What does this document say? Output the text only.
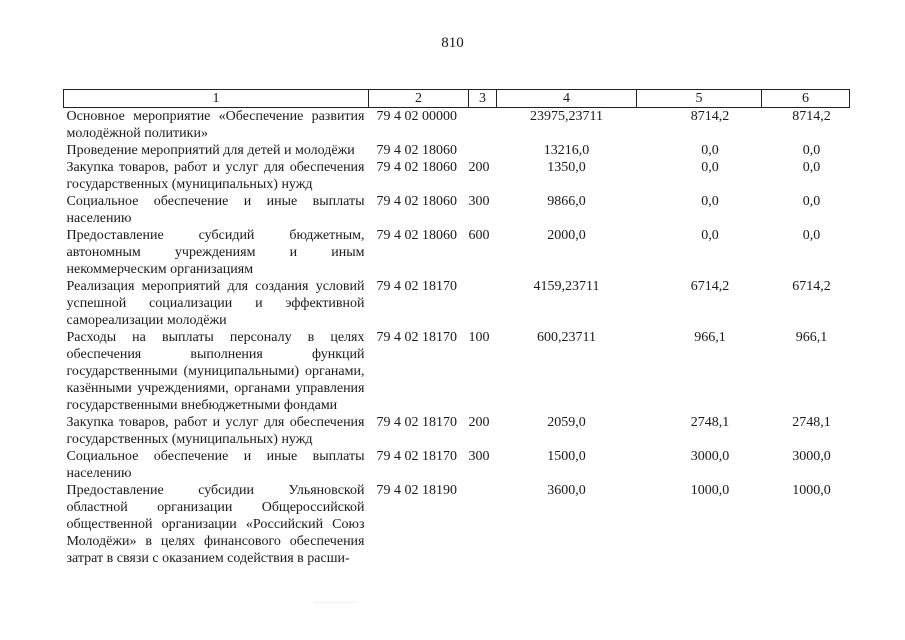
810
1	2	3	4	5	6
Основное мероприятие «Обеспечение развития молодёжной политики»	79 4 02 00000		23975,23711	8714,2	8714,2
Проведение мероприятий для детей и молодёжи	79 4 02 18060		13216,0	0,0	0,0
Закупка товаров, работ и услуг для обеспечения государственных (муниципальных) нужд	79 4 02 18060	200	1350,0	0,0	0,0
Социальное обеспечение и иные выплаты населению	79 4 02 18060	300	9866,0	0,0	0,0
Предоставление субсидий бюджетным, автономным учреждениям и иным некоммерческим организациям	79 4 02 18060	600	2000,0	0,0	0,0
Реализация мероприятий для создания условий успешной социализации и эффективной самореализации молодёжи	79 4 02 18170		4159,23711	6714,2	6714,2
Расходы на выплаты персоналу в целях обеспечения выполнения функций государственными (муниципальными) органами, казёнными учреждениями, органами управления государственными внебюджетными фондами	79 4 02 18170	100	600,23711	966,1	966,1
Закупка товаров, работ и услуг для обеспечения государственных (муниципальных) нужд	79 4 02 18170	200	2059,0	2748,1	2748,1
Социальное обеспечение и иные выплаты населению	79 4 02 18170	300	1500,0	3000,0	3000,0
Предоставление субсидии Ульяновской областной организации Общероссийской общественной организации «Российский Союз Молодёжи» в целях финансового обеспечения затрат в связи с оказанием содействия в расши-	79 4 02 18190		3600,0	1000,0	1000,0
